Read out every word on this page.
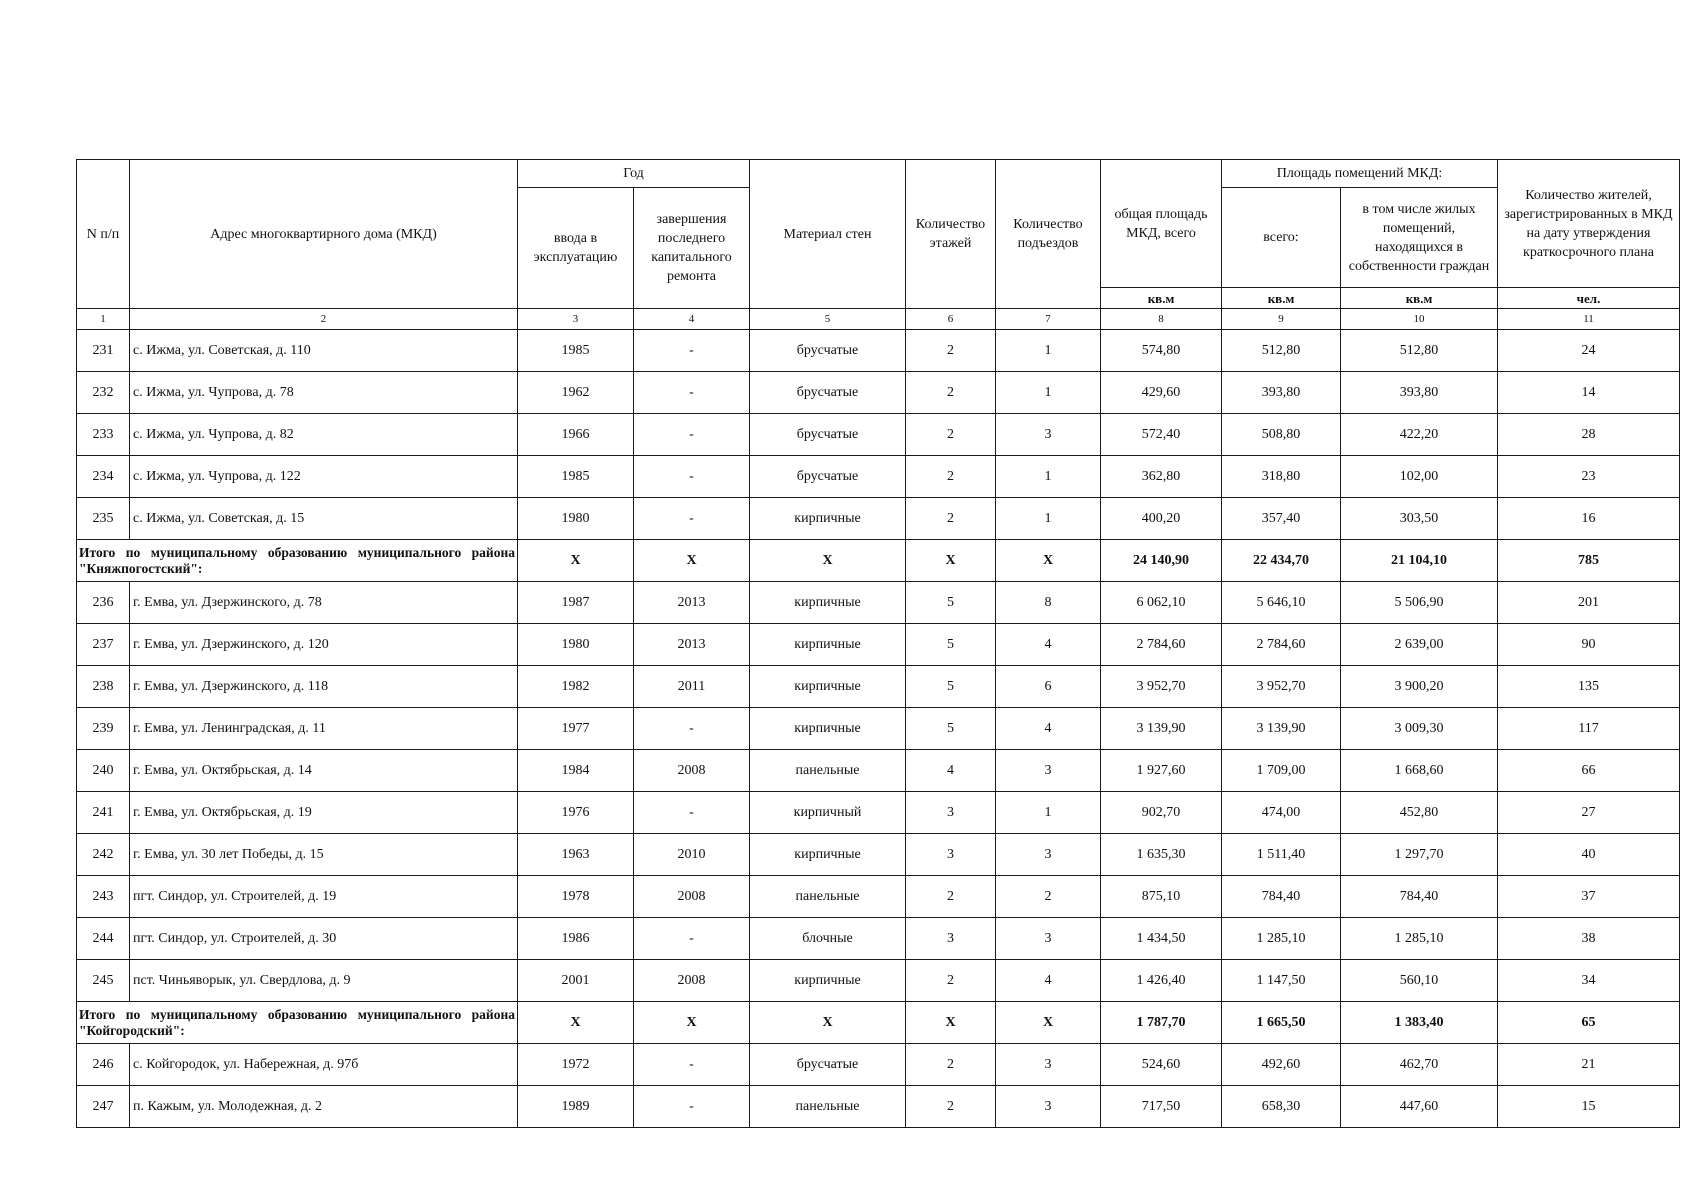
N п/п	Адрес многоквартирного дома (МКД)	Год		Материал стен	Количество этажей	Количество подъездов	общая площадь МКД, всего	Площадь помещений МКД:		Количество жителей, зарегистрированных в МКД на дату утверждения краткосрочного плана
		ввода в эксплуатацию	завершения последнего капитального ремонта					всего:	в том числе жилых помещений, находящихся в собственности граждан	
							кв.м	кв.м	кв.м	чел.
1	2	3	4	5	6	7	8	9	10	11
231	с. Ижма, ул. Советская, д. 110	1985	-	брусчатые	2	1	574,80	512,80	512,80	24
232	с. Ижма, ул. Чупрова, д. 78	1962	-	брусчатые	2	1	429,60	393,80	393,80	14
233	с. Ижма, ул. Чупрова, д. 82	1966	-	брусчатые	2	3	572,40	508,80	422,20	28
234	с. Ижма, ул. Чупрова, д. 122	1985	-	брусчатые	2	1	362,80	318,80	102,00	23
235	с. Ижма, ул. Советская, д. 15	1980	-	кирпичные	2	1	400,20	357,40	303,50	16
Итого по муниципальному образованию муниципального района "Княжпогостский":		X	X	X	X	X	24 140,90	22 434,70	21 104,10	785
236	г. Емва, ул. Дзержинского, д. 78	1987	2013	кирпичные	5	8	6 062,10	5 646,10	5 506,90	201
237	г. Емва, ул. Дзержинского, д. 120	1980	2013	кирпичные	5	4	2 784,60	2 784,60	2 639,00	90
238	г. Емва, ул. Дзержинского, д. 118	1982	2011	кирпичные	5	6	3 952,70	3 952,70	3 900,20	135
239	г. Емва, ул. Ленинградская, д. 11	1977	-	кирпичные	5	4	3 139,90	3 139,90	3 009,30	117
240	г. Емва, ул. Октябрьская, д. 14	1984	2008	панельные	4	3	1 927,60	1 709,00	1 668,60	66
241	г. Емва, ул. Октябрьская, д. 19	1976	-	кирпичный	3	1	902,70	474,00	452,80	27
242	г. Емва, ул. 30 лет Победы, д. 15	1963	2010	кирпичные	3	3	1 635,30	1 511,40	1 297,70	40
243	пгт. Синдор, ул. Строителей, д. 19	1978	2008	панельные	2	2	875,10	784,40	784,40	37
244	пгт. Синдор, ул. Строителей, д. 30	1986	-	блочные	3	3	1 434,50	1 285,10	1 285,10	38
245	пст. Чиньяворык, ул. Свердлова, д. 9	2001	2008	кирпичные	2	4	1 426,40	1 147,50	560,10	34
Итого по муниципальному образованию муниципального района "Койгородский":		X	X	X	X	X	1 787,70	1 665,50	1 383,40	65
246	с. Койгородок, ул. Набережная, д. 97б	1972	-	брусчатые	2	3	524,60	492,60	462,70	21
247	п. Кажым, ул. Молодежная, д. 2	1989	-	панельные	2	3	717,50	658,30	447,60	15
